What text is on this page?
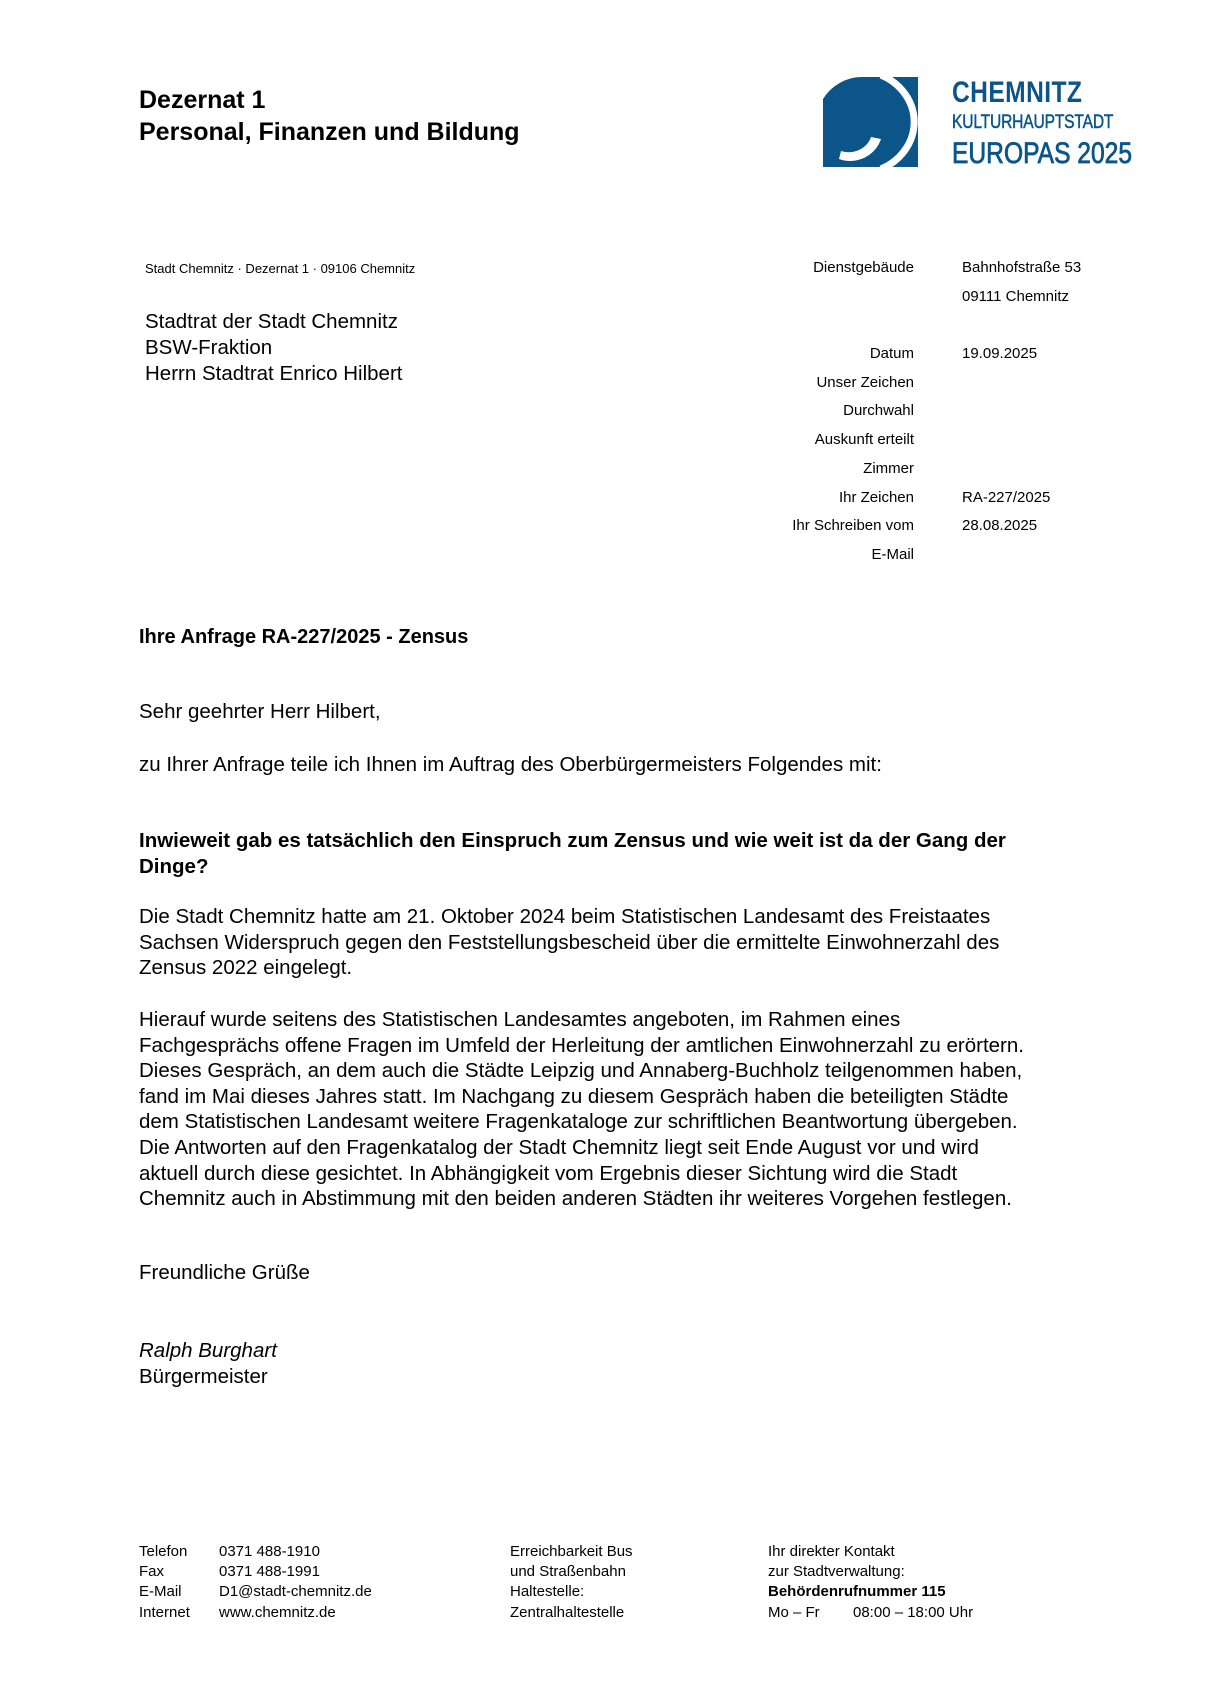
Dezernat 1
Personal, Finanzen und Bildung
CHEMNITZ
KULTURHAUPTSTADT
EUROPAS 2025
Stadt Chemnitz · Dezernat 1 · 09106 Chemnitz
Stadtrat der Stadt Chemnitz
BSW-Fraktion
Herrn Stadtrat Enrico Hilbert
Dienstgebäude	Bahnhofstraße 53
09111 Chemnitz
Datum	19.09.2025
Unser Zeichen
Durchwahl
Auskunft erteilt
Zimmer
Ihr Zeichen	RA-227/2025
Ihr Schreiben vom	28.08.2025
E-Mail
Ihre Anfrage RA-227/2025 - Zensus
Sehr geehrter Herr Hilbert,
zu Ihrer Anfrage teile ich Ihnen im Auftrag des Oberbürgermeisters Folgendes mit:
Inwieweit gab es tatsächlich den Einspruch zum Zensus und wie weit ist da der Gang der
Dinge?
Die Stadt Chemnitz hatte am 21. Oktober 2024 beim Statistischen Landesamt des Freistaates
Sachsen Widerspruch gegen den Feststellungsbescheid über die ermittelte Einwohnerzahl des
Zensus 2022 eingelegt.
Hierauf wurde seitens des Statistischen Landesamtes angeboten, im Rahmen eines
Fachgesprächs offene Fragen im Umfeld der Herleitung der amtlichen Einwohnerzahl zu erörtern.
Dieses Gespräch, an dem auch die Städte Leipzig und Annaberg-Buchholz teilgenommen haben,
fand im Mai dieses Jahres statt. Im Nachgang zu diesem Gespräch haben die beteiligten Städte
dem Statistischen Landesamt weitere Fragenkataloge zur schriftlichen Beantwortung übergeben.
Die Antworten auf den Fragenkatalog der Stadt Chemnitz liegt seit Ende August vor und wird
aktuell durch diese gesichtet. In Abhängigkeit vom Ergebnis dieser Sichtung wird die Stadt
Chemnitz auch in Abstimmung mit den beiden anderen Städten ihr weiteres Vorgehen festlegen.
Freundliche Grüße
Ralph Burghart
Bürgermeister
Telefon 0371 488-1910
Fax	0371 488-1991
E-Mail D1@stadt-chemnitz.de
Internet www.chemnitz.de
Erreichbarkeit Bus
und Straßenbahn
Haltestelle:
Zentralhaltestelle
Ihr direkter Kontakt
zur Stadtverwaltung:
Behördenrufnummer 115
Mo – Fr 08:00 – 18:00 Uhr
